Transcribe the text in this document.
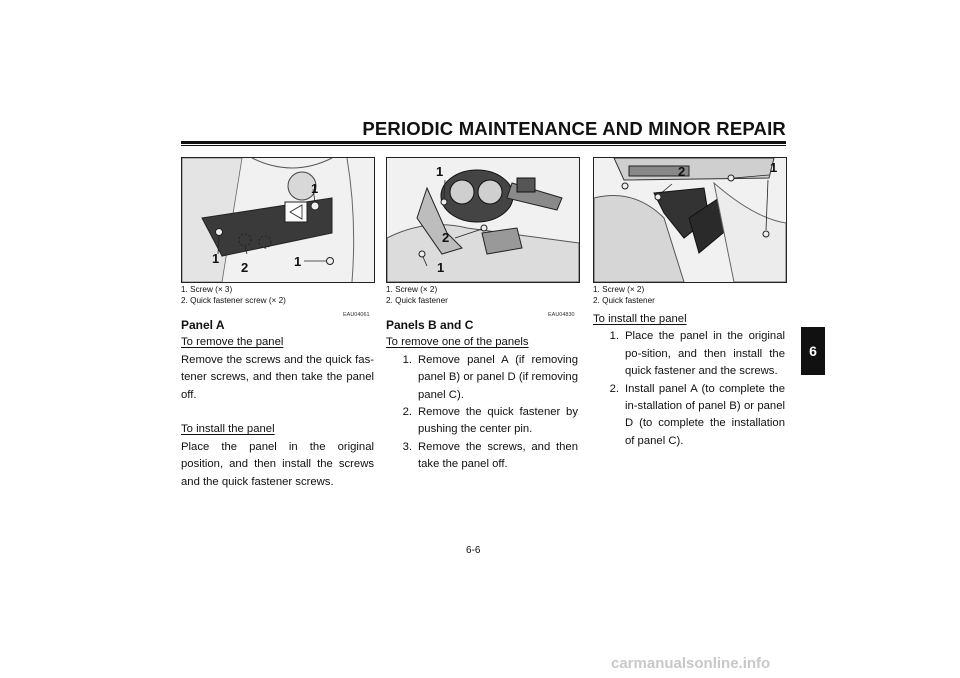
PERIODIC MAINTENANCE AND MINOR REPAIR
6
1
1
2	1
1. Screw (× 3)
2. Quick fastener screw (× 2)
1
2
1
1. Screw (× 2)
2. Quick fastener
2	1
1. Screw (× 2)
2. Quick fastener
EAU04061
Panel A
To remove the panel
Remove the screws and the quick fas-tener screws, and then take the panel off.
To install the panel
Place the panel in the original position, and then install the screws and the quick fastener screws.
EAU04830
Panels B and C
To remove one of the panels
1. Remove panel A (if removing panel B) or panel D (if removing panel C).
2. Remove the quick fastener by pushing the center pin.
3. Remove the screws, and then take the panel off.
To install the panel
1. Place the panel in the original po-sition, and then install the quick fastener and the screws.
2. Install panel A (to complete the in-stallation of panel B) or panel D (to complete the installation of panel C).
6-6
carmanualsonline.info
